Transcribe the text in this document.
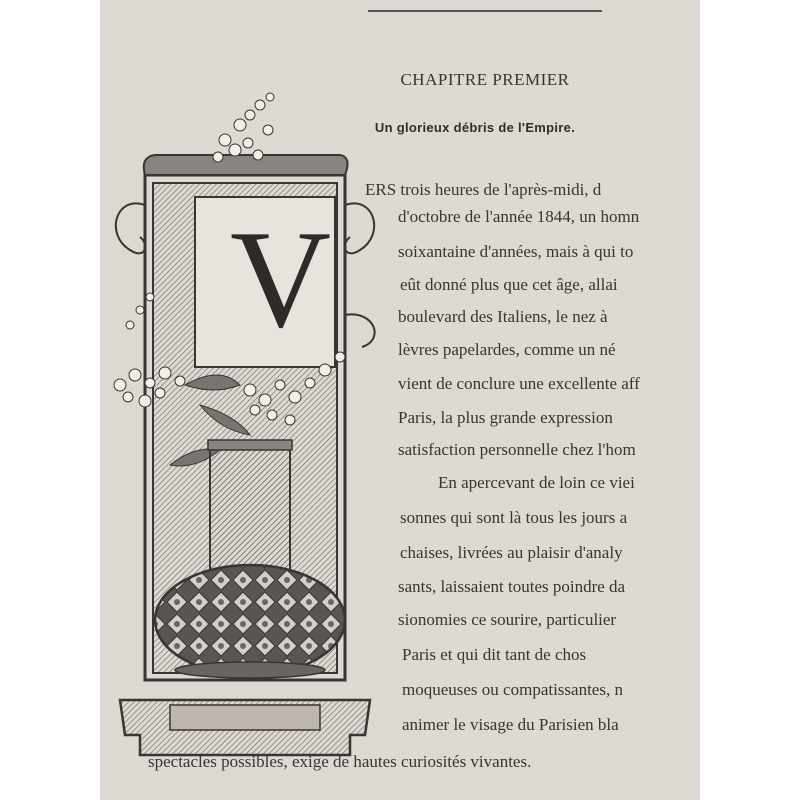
CHAPITRE PREMIER
Un glorieux débris de l'Empire.
V
ERS trois heures de l'après-midi, d
d'octobre de l'année 1844, un homn
soixantaine d'années, mais à qui to
eût donné plus que cet âge, allai
boulevard des Italiens, le nez à
lèvres papelardes, comme un né
vient de conclure une excellente aff
Paris, la plus grande expression
satisfaction personnelle chez l'hom
En apercevant de loin ce viei
sonnes qui sont là tous les jours a
chaises, livrées au plaisir d'analy
sants, laissaient toutes poindre da
sionomies ce sourire, particulier
Paris et qui dit tant de chos
moqueuses ou compatissantes, n
animer le visage du Parisien bla
spectacles possibles, exige de hautes curiosités vivantes.
